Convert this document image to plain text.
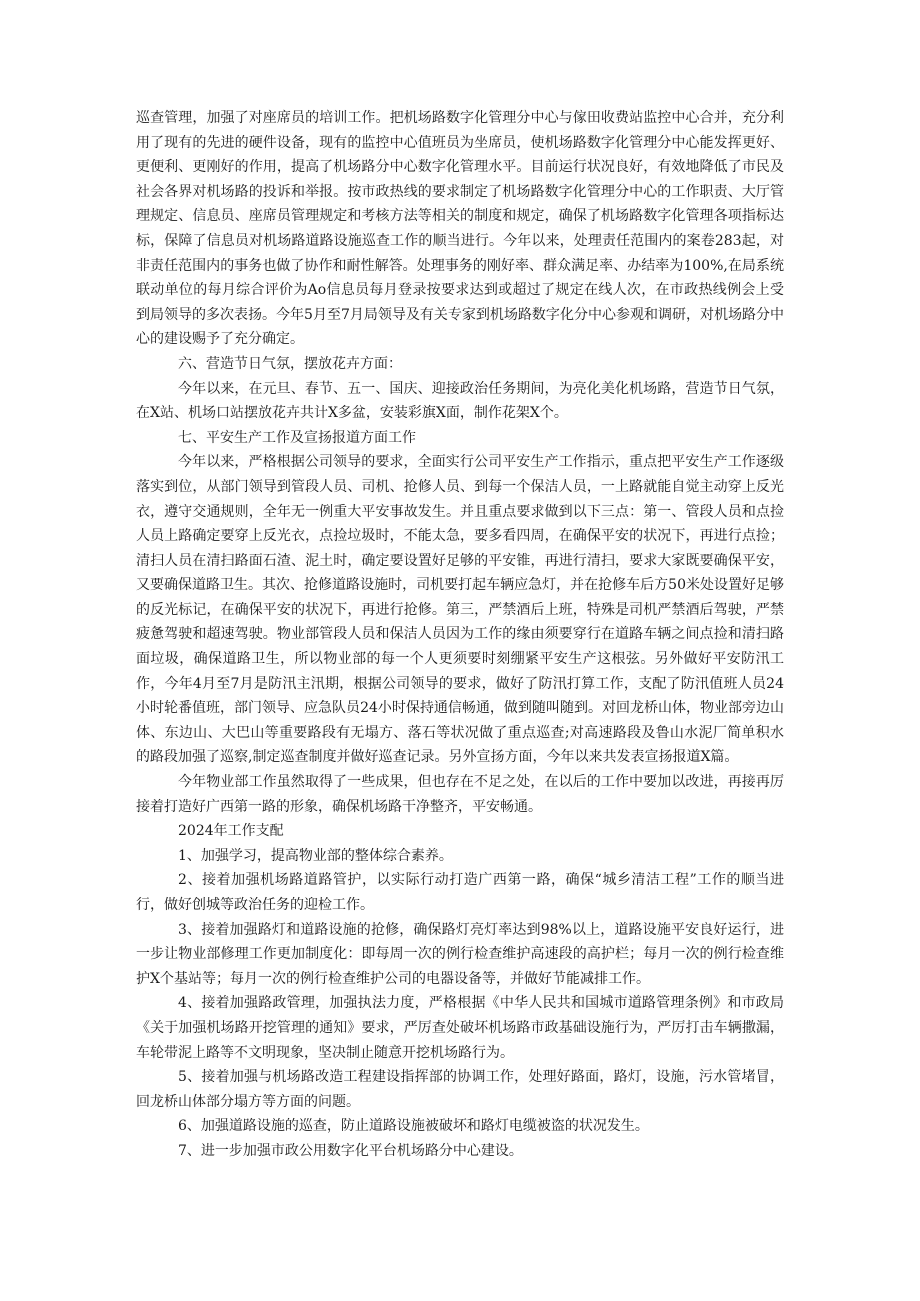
巡查管理，加强了对座席员的培训工作。把机场路数字化管理分中心与傢田收费站监控中心合并，充分利用了现有的先进的硬件设备，现有的监控中心值班员为坐席员，使机场路数字化管理分中心能发挥更好、更便利、更刚好的作用，提高了机场路分中心数字化管理水平。目前运行状况良好，有效地降低了市民及社会各界对机场路的投诉和举报。按市政热线的要求制定了机场路数字化管理分中心的工作职责、大厅管理规定、信息员、座席员管理规定和考核方法等相关的制度和规定，确保了机场路数字化管理各项指标达标，保障了信息员对机场路道路设施巡查工作的顺当进行。今年以来，处理责任范围内的案卷283起，对非责任范围内的事务也做了协作和耐性解答。处理事务的刚好率、群众满足率、办结率为100%,在局系统联动单位的每月综合评价为Ao信息员每月登录按要求达到或超过了规定在线人次，在市政热线例会上受到局领导的多次表扬。今年5月至7月局领导及有关专家到机场路数字化分中心参观和调研，对机场路分中心的建设赐予了充分确定。

六、营造节日气氛，摆放花卉方面：

今年以来，在元旦、春节、五一、国庆、迎接政治任务期间，为亮化美化机场路，营造节日气氛，在X站、机场口站摆放花卉共计X多盆，安装彩旗X面，制作花架X个。

七、平安生产工作及宣扬报道方面工作

今年以来，严格根据公司领导的要求，全面实行公司平安生产工作指示，重点把平安生产工作逐级落实到位，从部门领导到管段人员、司机、抢修人员、到每一个保洁人员，一上路就能自觉主动穿上反光衣，遵守交通规则，全年无一例重大平安事故发生。并且重点要求做到以下三点：第一、管段人员和点捡人员上路确定要穿上反光衣，点捡垃圾时，不能太急，要多看四周，在确保平安的状况下，再进行点捡；清扫人员在清扫路面石渣、泥土时，确定要设置好足够的平安锥，再进行清扫，要求大家既要确保平安，又要确保道路卫生。其次、抢修道路设施时，司机要打起车辆应急灯，并在抢修车后方50米处设置好足够的反光标记，在确保平安的状况下，再进行抢修。第三，严禁酒后上班，特殊是司机严禁酒后驾驶，严禁疲惫驾驶和超速驾驶。物业部管段人员和保洁人员因为工作的缘由须要穿行在道路车辆之间点捡和清扫路面垃圾，确保道路卫生，所以物业部的每一个人更须要时刻绷紧平安生产这根弦。另外做好平安防汛工作，今年4月至7月是防汛主汛期，根据公司领导的要求，做好了防汛打算工作，支配了防汛值班人员24小时轮番值班，部门领导、应急队员24小时保持通信畅通，做到随叫随到。对回龙桥山体，物业部旁边山体、东边山、大巴山等重要路段有无塌方、落石等状况做了重点巡查;对高速路段及鲁山水泥厂简单积水的路段加强了巡察,制定巡查制度并做好巡查记录。另外宣扬方面，今年以来共发表宣扬报道X篇。

今年物业部工作虽然取得了一些成果，但也存在不足之处，在以后的工作中要加以改进，再接再厉接着打造好广西第一路的形象，确保机场路干净整齐，平安畅通。

2024年工作支配

1、加强学习，提高物业部的整体综合素养。

2、接着加强机场路道路管护，以实际行动打造广西第一路，确保“城乡清洁工程”工作的顺当进行，做好创城等政治任务的迎检工作。

3、接着加强路灯和道路设施的抢修，确保路灯亮灯率达到98%以上，道路设施平安良好运行，进一步让物业部修理工作更加制度化：即每周一次的例行检查维护高速段的高护栏；每月一次的例行检查维护X个基站等；每月一次的例行检查维护公司的电器设备等，并做好节能减排工作。

4、接着加强路政管理，加强执法力度，严格根据《中华人民共和国城市道路管理条例》和市政局《关于加强机场路开挖管理的通知》要求，严厉查处破坏机场路市政基础设施行为，严厉打击车辆撒漏，车轮带泥上路等不文明现象，坚决制止随意开挖机场路行为。

5、接着加强与机场路改造工程建设指挥部的协调工作，处理好路面，路灯，设施，污水管堵冒，回龙桥山体部分塌方等方面的问题。

6、加强道路设施的巡查，防止道路设施被破坏和路灯电缆被盗的状况发生。

7、进一步加强市政公用数字化平台机场路分中心建设。
